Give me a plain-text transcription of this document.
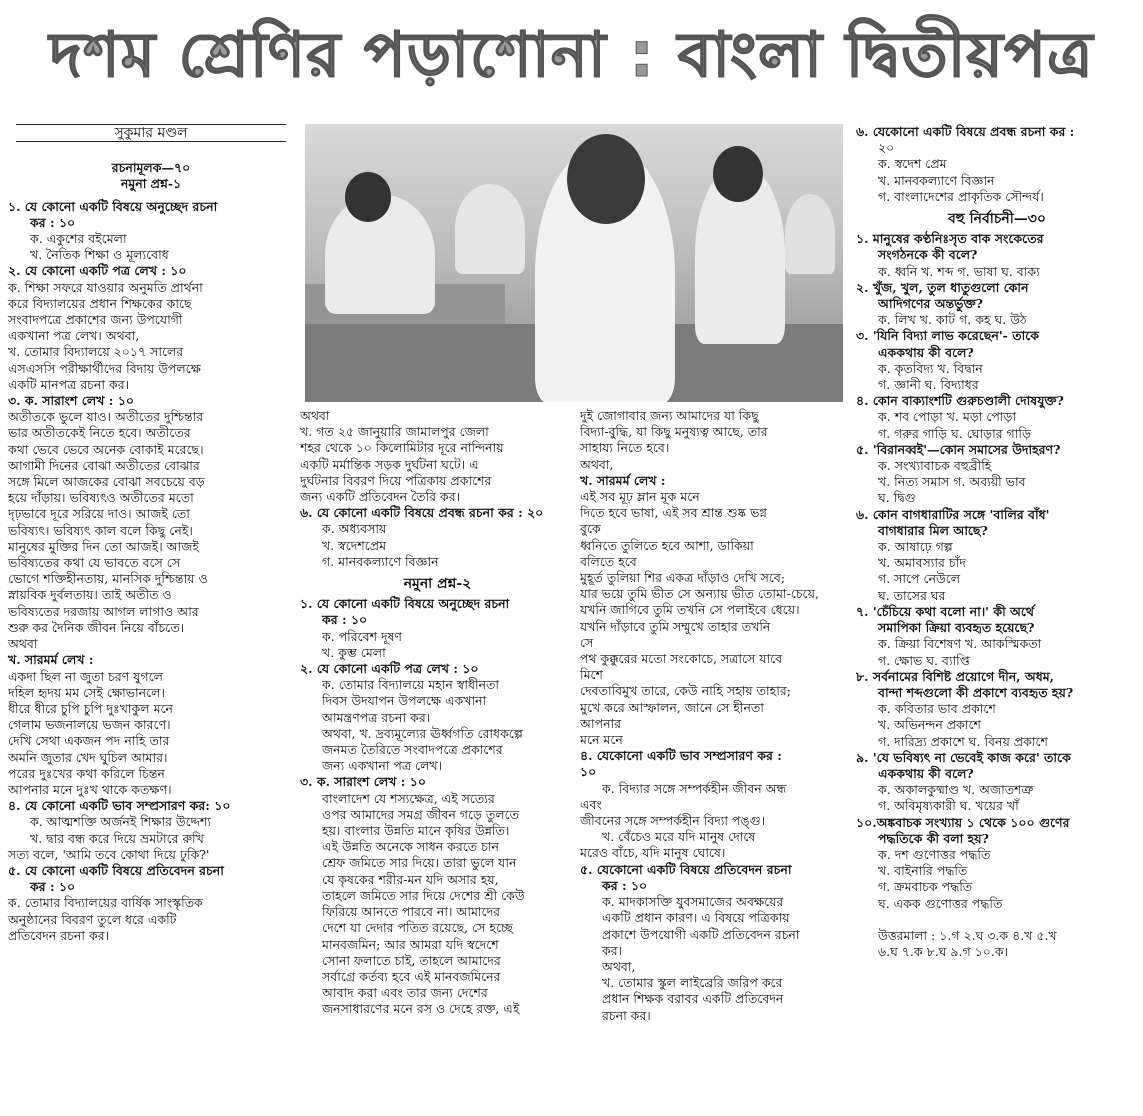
দশম শ্রেণির পড়াশোনা : বাংলা দ্বিতীয়পত্র

সুকুমার মণ্ডল

রচনামূলক—৭০

নমুনা প্রশ্ন-১

১. যে কোনো একটি বিষয়ে অনুচ্ছেদ রচনা

কর : ১০

ক. একুশের বইমেলা

খ. নৈতিক শিক্ষা ও মূল্যবোধ

২. যে কোনো একটি পত্র লেখ : ১০

ক. শিক্ষা সফরে যাওয়ার অনুমতি প্রার্থনা

করে বিদ্যালয়ের প্রধান শিক্ষকের কাছে

সংবাদপত্রে প্রকাশের জন্য উপযোগী

একখানা পত্র লেখ। অথবা,

খ. তোমার বিদ্যালয়ে ২০১৭ সালের

এসএসসি পরীক্ষার্থীদের বিদায় উপলক্ষে

একটি মানপত্র রচনা কর।

৩. ক. সারাংশ লেখ : ১০

অতীতকে ভুলে যাও। অতীতের দুশ্চিন্তার

ভার অতীতকেই নিতে হবে। অতীতের

কথা ভেবে ভেবে অনেক বোকাই মরেছে।

আগামী দিনের বোঝা অতীতের বোঝার

সঙ্গে মিলে আজকের বোঝা সবচেয়ে বড়

হয়ে দাঁড়ায়। ভবিষ্যৎও অতীতের মতো

দৃঢ়ভাবে দূরে সরিয়ে দাও। আজই তো

ভবিষ্যৎ। ভবিষ্যৎ কাল বলে কিছু নেই।

মানুষের মুক্তির দিন তো আজই। আজই

ভবিষ্যতের কথা যে ভাবতে বসে সে

ভোগে শক্তিহীনতায়, মানসিক দুশ্চিন্তায় ও

স্নায়বিক দুর্বলতায়। তাই অতীত ও

ভবিষ্যতের দরজায় আগল লাগাও আর

শুরু কর দৈনিক জীবন নিয়ে বাঁচতে।

অথবা

খ. সারমর্ম লেখ :

একদা ছিল না জুতা চরণ যুগলে

দহিল হৃদয় মম সেই ক্ষোভানলে।

ধীরে ধীরে চুপি চুপি দুঃখাকুল মনে

গেলাম ভজনালয়ে ভজন কারণে।

দেখি সেথা একজন পদ নাহি তার

অমনি জুতার খেদ ঘুচিল আমার।

পরের দুঃখের কথা করিলে চিন্তন

আপনার মনে দুঃখ থাকে কতক্ষণ।

৪. যে কোনো একটি ভাব সম্প্রসারণ কর: ১০

ক. আত্মশক্তি অর্জনই শিক্ষার উদ্দেশ্য

খ. দ্বার বন্ধ করে দিয়ে ভ্রমটারে রুখি

সত্য বলে, 'আমি তবে কোথা দিয়ে ঢুকি?'

৫. যে কোনো একটি বিষয়ে প্রতিবেদন রচনা

কর : ১০

ক. তোমার বিদ্যালয়ের বার্ষিক সাংস্কৃতিক

অনুষ্ঠানের বিবরণ তুলে ধরে একটি

প্রতিবেদন রচনা কর।

অথবা

খ. গত ২৫ জানুয়ারি জামালপুর জেলা

শহর থেকে ১০ কিলোমিটার দূরে নান্দিনায়

একটি মর্মান্তিক সড়ক দুর্ঘটনা ঘটে। এ

দুর্ঘটনার বিবরণ দিয়ে পত্রিকায় প্রকাশের

জন্য একটি প্রতিবেদন তৈরি কর।

৬. যে কোনো একটি বিষয়ে প্রবন্ধ রচনা কর : ২০

ক. অধ্যবসায়

খ. স্বদেশপ্রেম

গ. মানবকল্যাণে বিজ্ঞান

নমুনা প্রশ্ন-২

১. যে কোনো একটি বিষয়ে অনুচ্ছেদ রচনা

কর : ১০

ক. পরিবেশ দূষণ

খ. কুম্ভ মেলা

২. যে কোনো একটি পত্র লেখ : ১০

ক. তোমার বিদ্যালয়ে মহান স্বাধীনতা

দিবস উদযাপন উপলক্ষে একখানা

আমন্ত্রণপত্র রচনা কর।

অথবা, খ. দ্রব্যমূল্যের ঊর্ধ্বগতি রোধকল্পে

জনমত তৈরিতে সংবাদপত্রে প্রকাশের

জন্য একখানা পত্র লেখ।

৩. ক. সারাংশ লেখ : ১০

বাংলাদেশ যে শস্যক্ষেত্র, এই সত্যের

ওপর আমাদের সমগ্র জীবন গড়ে তুলতে

হয়। বাংলার উন্নতি মানে কৃষির উন্নতি।

এই উন্নতি অনেকে সাধন করতে চান

শ্রেফ জমিতে সার দিয়ে। তারা ভুলে যান

যে কৃষকের শরীর-মন যদি অসার হয়,

তাহলে জমিতে সার দিয়ে দেশের শ্রী কেউ

ফিরিয়ে আনতে পারবে না। আমাদের

দেশে যা দেদার পতিত রয়েছে, সে হচ্ছে

মানবজমিন; আর আমরা যদি স্বদেশে

সোনা ফলাতে চাই, তাহলে আমাদের

সর্বাগ্রে কর্তব্য হবে এই মানবজমিনের

আবাদ করা এবং তার জন্য দেশের

জনসাধারণের মনে রস ও দেহে রক্ত, এই

দুই জোগাবার জন্য আমাদের যা কিছু

বিদ্যা-বুদ্ধি, যা কিছু মনুষ্যত্ব আছে, তার

সাহায্য নিতে হবে।

অথবা,

খ. সারমর্ম লেখ :

এই সব মূঢ় ম্লান মূক মনে

দিতে হবে ভাষা, এই সব শ্রান্ত শুষ্ক ভগ্ন

বুকে

ধ্বনিতে তুলিতে হবে আশা, ডাকিয়া

বলিতে হবে

মুহূর্ত তুলিয়া শির একত্র দাঁড়াও দেখি সবে;

যার ভয়ে তুমি ভীত সে অন্যায় ভীত তোমা-চেয়ে,

যখনি জাগিবে তুমি তখনি সে পলাইবে ধেয়ে।

যখনি দাঁড়াবে তুমি সম্মুখে তাহার তখনি

সে

পথ কুক্কুরের মতো সংকোচে, সত্রাসে যাবে

মিশে

দেবতাবিমুখ তারে, কেউ নাহি সহায় তাহার;

মুখে করে আস্ফালন, জানে সে হীনতা

আপনার

মনে মনে

৪. যেকোনো একটি ভাব সম্প্রসারণ কর :

১০

ক. বিদ্যার সঙ্গে সম্পর্কহীন জীবন অন্ধ

এবং

জীবনের সঙ্গে সম্পর্কহীন বিদ্যা পঙ্গু।

খ. বেঁচেও মরে যদি মানুষ দোষে

মরেও বাঁচে, যদি মানুষ ঘোষে।

৫. যেকোনো একটি বিষয়ে প্রতিবেদন রচনা

কর : ১০

ক. মাদকাসক্তি যুবসমাজের অবক্ষয়ের

একটি প্রধান কারণ। এ বিষয়ে পত্রিকায়

প্রকাশে উপযোগী একটি প্রতিবেদন রচনা

কর।

অথবা,

খ. তোমার স্কুল লাইব্রেরি জরিপ করে

প্রধান শিক্ষক বরাবর একটি প্রতিবেদন

রচনা কর।

৬. যেকোনো একটি বিষয়ে প্রবন্ধ রচনা কর :

২০

ক. স্বদেশ প্রেম

খ. মানবকল্যাণে বিজ্ঞান

গ. বাংলাদেশের প্রাকৃতিক সৌন্দর্য।

বহু নির্বাচনী—৩০

১. মানুষের কণ্ঠনিঃসৃত বাক সংকেতের

সংগঠনকে কী বলে?

ক. ধ্বনি খ. শব্দ গ. ভাষা ঘ. বাক্য

২. খুঁজ, খুল, তুল ধাতুগুলো কোন

আদিগণের অন্তর্ভুক্ত?

ক. লিখ খ. কাট গ. কহ ঘ. উঠ

৩. 'যিনি বিদ্যা লাভ করেছেন'- তাকে

এককথায় কী বলে?

ক. কৃতবিদ্য খ. বিদ্বান

গ. জ্ঞানী ঘ. বিদ্যাধর

৪. কোন বাক্যাংশটি গুরুচণ্ডালী দোষযুক্ত?

ক. শব পোড়া খ. মড়া পোড়া

গ. গরুর গাড়ি ঘ. ঘোড়ার গাড়ি

৫. 'বিরানব্বই'—কোন সমাসের উদাহরণ?

ক. সংখ্যাবাচক বহুব্রীহি

খ. নিত্য সমাস গ. অব্যয়ী ভাব

ঘ. দ্বিগু

৬. কোন বাগধারাটির সঙ্গে 'বালির বাঁধ'

বাগধারার মিল আছে?

ক. আষাঢ়ে গল্প

খ. অমাবস্যার চাঁদ

গ. সাপে নেউলে

ঘ. তাসের ঘর

৭. 'চেঁচিয়ে কথা বলো না।' কী অর্থে

সমাপিকা ক্রিয়া ব্যবহৃত হয়েছে?

ক. ক্রিয়া বিশেষণ খ. আকস্মিকতা

গ. ক্ষোভ ঘ. ব্যাপ্তি

৮. সর্বনামের বিশিষ্ট প্রয়োগে দীন, অধম,

বান্দা শব্দগুলো কী প্রকাশে ব্যবহৃত হয়?

ক. কবিতার ভাব প্রকাশে

খ. অভিনন্দন প্রকাশে

গ. দারিদ্র্য প্রকাশে ঘ. বিনয় প্রকাশে

৯. 'যে ভবিষ্যৎ না ভেবেই কাজ করে' তাকে

এককথায় কী বলে?

ক. অকালকুষ্মাণ্ড খ. অজাতশত্রু

গ. অবিমৃষ্যকারী ঘ. খয়ের খাঁ

১০.অঙ্কবাচক সংখ্যায় ১ থেকে ১০০ গুণের

পদ্ধতিকে কী বলা হয়?

ক. দশ গুণোত্তর পদ্ধতি

খ. বাইনারি পদ্ধতি

গ. ক্রমবাচক পদ্ধতি

ঘ. একক গুণোত্তর পদ্ধতি

উত্তরমালা : ১.গ ২.ঘ ৩.ক ৪.খ ৫.খ

৬.ঘ ৭.ক ৮.ঘ ৯.গ ১০.ক।
